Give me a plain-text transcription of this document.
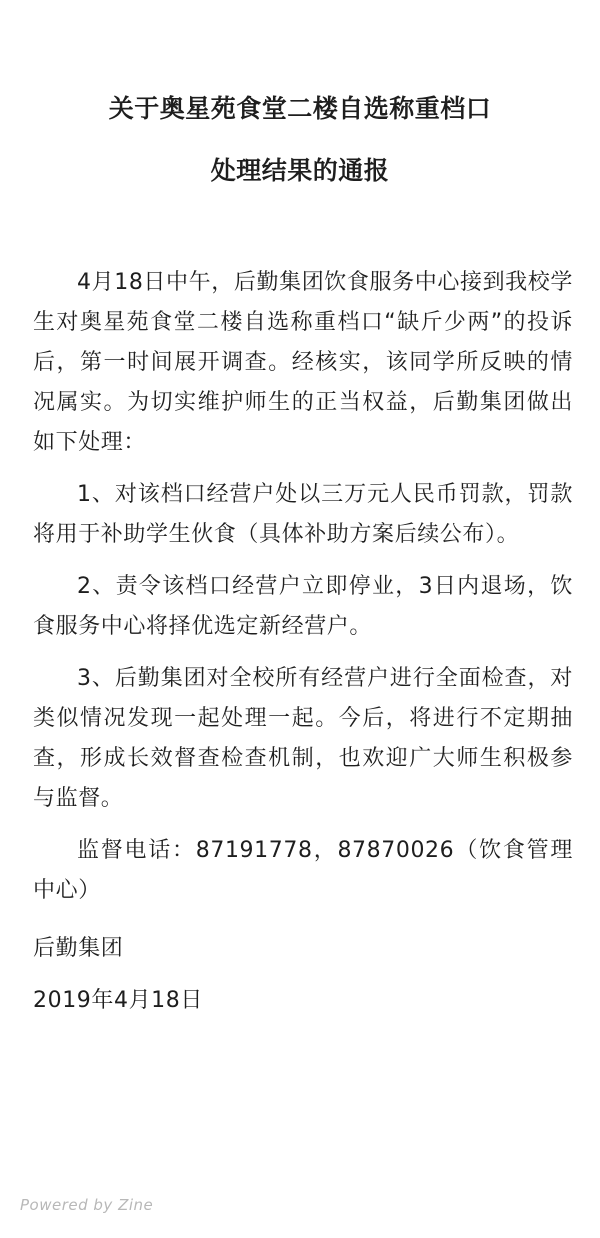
关于奥星苑食堂二楼自选称重档口
处理结果的通报

4月18日中午，后勤集团饮食服务中心接到我校学生对奥星苑食堂二楼自选称重档口“缺斤少两”的投诉后，第一时间展开调查。经核实，该同学所反映的情况属实。为切实维护师生的正当权益，后勤集团做出如下处理：

1、对该档口经营户处以三万元人民币罚款，罚款将用于补助学生伙食（具体补助方案后续公布）。

2、责令该档口经营户立即停业，3日内退场，饮食服务中心将择优选定新经营户。

3、后勤集团对全校所有经营户进行全面检查，对类似情况发现一起处理一起。今后，将进行不定期抽查，形成长效督查检查机制，也欢迎广大师生积极参与监督。

监督电话：87191778，87870026（饮食管理中心）

后勤集团

2019年4月18日

Powered by Zine
